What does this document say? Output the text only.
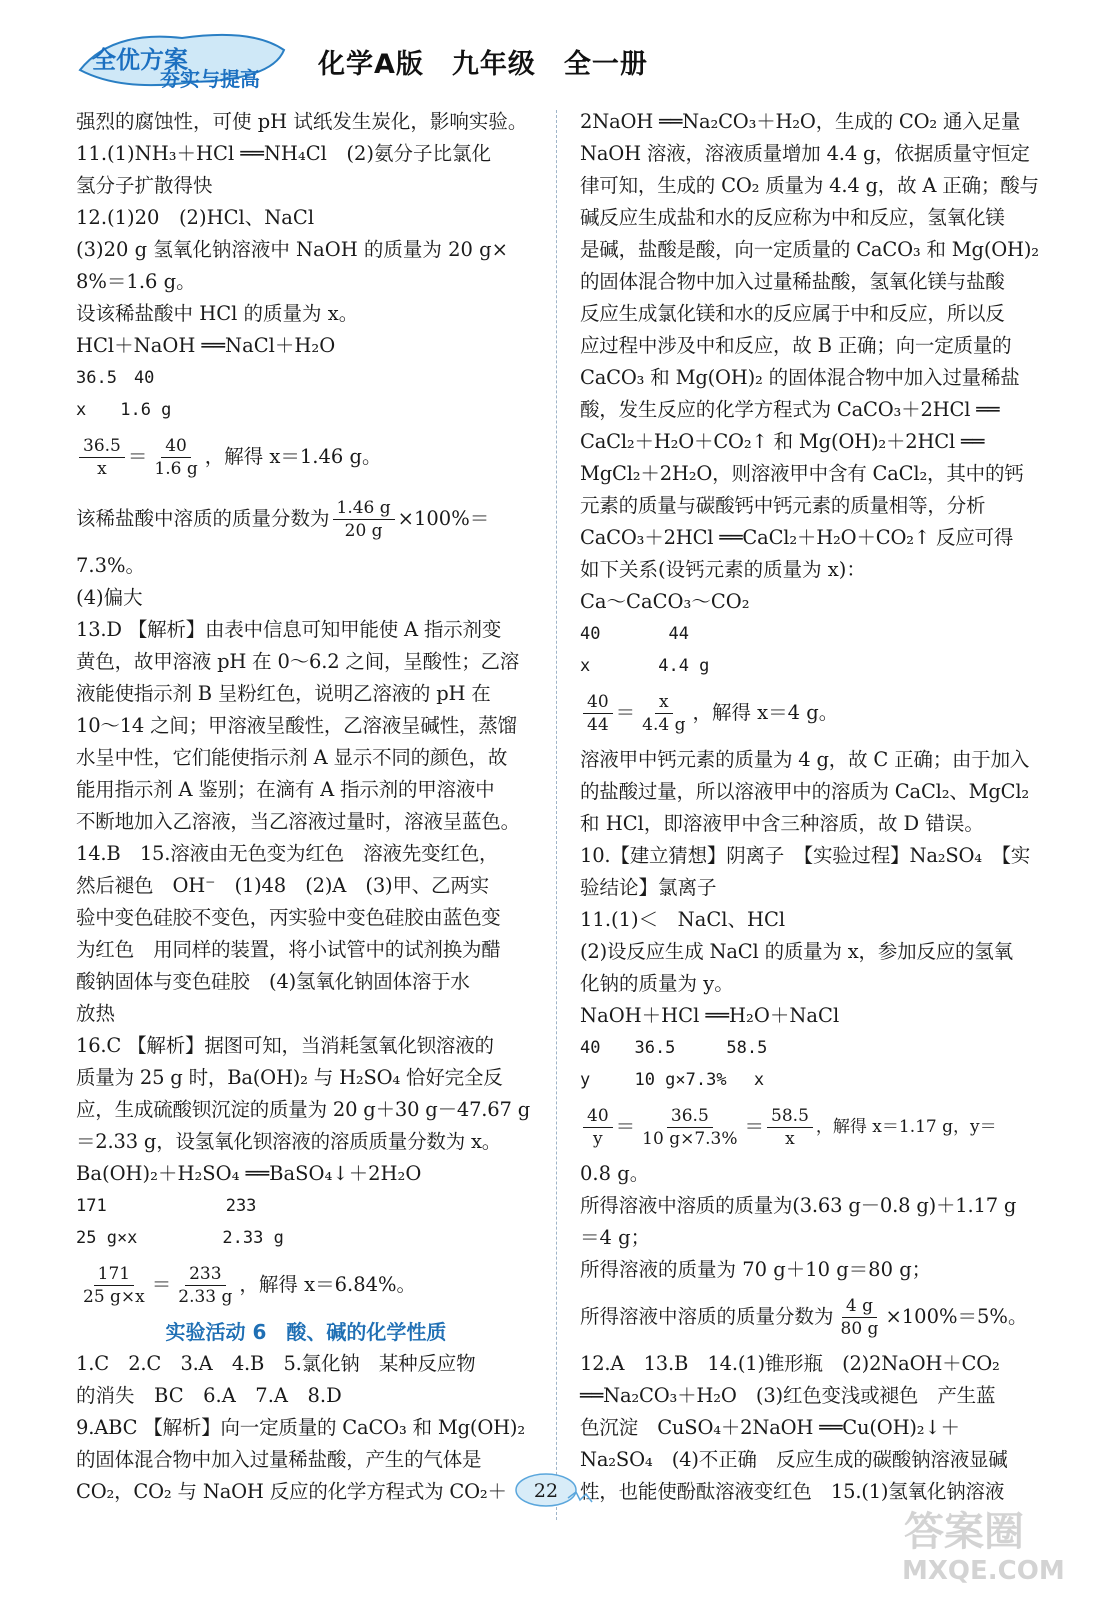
全优方案
夯实与提高 化学A版　九年级　全一册

强烈的腐蚀性，可使 pH 试纸发生炭化，影响实验。

11.(1)NH₃＋HCl ══NH₄Cl　(2)氨分子比氯化

氢分子扩散得快

12.(1)20　(2)HCl、NaCl

(3)20 g 氢氧化钠溶液中 NaOH 的质量为 20 g×

8%＝1.6 g。

设该稀盐酸中 HCl 的质量为 x。

HCl＋NaOH ══NaCl＋H₂O

36.5　40

x　　1.6 g

$\frac{36.5}{x} = \frac{40}{1.6 g}$ ，解得 x＝1.46 g。
该稀盐酸中溶质的质量分数为 $\frac{1.46 g}{20 g} \times 100\%=$

7.3%。

(4)偏大

13.D 【解析】由表中信息可知甲能使 A 指示剂变

黄色，故甲溶液 pH 在 0～6.2 之间，呈酸性；乙溶

液能使指示剂 B 呈粉红色，说明乙溶液的 pH 在

10～14 之间；甲溶液呈酸性，乙溶液呈碱性，蒸馏

水呈中性，它们能使指示剂 A 显示不同的颜色，故

能用指示剂 A 鉴别；在滴有 A 指示剂的甲溶液中

不断地加入乙溶液，当乙溶液过量时，溶液呈蓝色。

14.B　15.溶液由无色变为红色　溶液先变红色，

然后褪色　OH⁻　(1)48　(2)A　(3)甲、乙两实

验中变色硅胶不变色，丙实验中变色硅胶由蓝色变

为红色　用同样的装置，将小试管中的试剂换为醋

酸钠固体与变色硅胶　(4)氢氧化钠固体溶于水

放热

16.C 【解析】据图可知，当消耗氢氧化钡溶液的

质量为 25 g 时，Ba(OH)₂ 与 H₂SO₄ 恰好完全反

应，生成硫酸钡沉淀的质量为 20 g＋30 g－47.67 g

＝2.33 g，设氢氧化钡溶液的溶质质量分数为 x。

Ba(OH)₂＋H₂SO₄ ══BaSO₄↓＋2H₂O

171　　　　　　　233

25 g×x　　　　　2.33 g

$\frac{171}{25 g\times x} = \frac{233}{2.33 g}$ ，解得 x＝6.84%。

实验活动 6　酸、碱的化学性质

1.C　2.C　3.A　4.B　5.氯化钠　某种反应物

的消失　BC　6.A　7.A　8.D

9.ABC 【解析】向一定质量的 CaCO₃ 和 Mg(OH)₂

的固体混合物中加入过量稀盐酸，产生的气体是

CO₂，CO₂ 与 NaOH 反应的化学方程式为 CO₂＋

2NaOH ══Na₂CO₃＋H₂O，生成的 CO₂ 通入足量

NaOH 溶液，溶液质量增加 4.4 g，依据质量守恒定

律可知，生成的 CO₂ 质量为 4.4 g，故 A 正确；酸与

碱反应生成盐和水的反应称为中和反应，氢氧化镁

是碱，盐酸是酸，向一定质量的 CaCO₃ 和 Mg(OH)₂

的固体混合物中加入过量稀盐酸，氢氧化镁与盐酸

反应生成氯化镁和水的反应属于中和反应，所以反

应过程中涉及中和反应，故 B 正确；向一定质量的

CaCO₃ 和 Mg(OH)₂ 的固体混合物中加入过量稀盐

酸，发生反应的化学方程式为 CaCO₃＋2HCl ══

CaCl₂＋H₂O＋CO₂↑ 和 Mg(OH)₂＋2HCl ══

MgCl₂＋2H₂O，则溶液甲中含有 CaCl₂，其中的钙

元素的质量与碳酸钙中钙元素的质量相等，分析

CaCO₃＋2HCl ══CaCl₂＋H₂O＋CO₂↑ 反应可得

如下关系(设钙元素的质量为 x)：

Ca～CaCO₃～CO₂

40　　　　44

x　　　　4.4 g

$\frac{40}{44} = \frac{x}{4.4 g}$ ，解得 x＝4 g。

溶液甲中钙元素的质量为 4 g，故 C 正确；由于加入

的盐酸过量，所以溶液甲中的溶质为 CaCl₂、MgCl₂

和 HCl，即溶液甲中含三种溶质，故 D 错误。

10.【建立猜想】阴离子　【实验过程】Na₂SO₄　【实

验结论】氯离子

11.(1)＜　NaCl、HCl

(2)设反应生成 NaCl 的质量为 x，参加反应的氢氧

化钠的质量为 y。

NaOH＋HCl ══H₂O＋NaCl

40　　36.5　　　58.5

y　　 10 g×7.3%　 x

$\frac{40}{y} = \frac{36.5}{10 g\times 7.3\%} = \frac{58.5}{x}$ ，解得 x＝1.17 g，y＝

0.8 g。

所得溶液中溶质的质量为(3.63 g－0.8 g)＋1.17 g

＝4 g；

所得溶液的质量为 70 g＋10 g＝80 g；

所得溶液中溶质的质量分数为 $\frac{4 g}{80 g} \times 100\%=5\%$。

12.A　13.B　14.(1)锥形瓶　(2)2NaOH＋CO₂

══Na₂CO₃＋H₂O　(3)红色变浅或褪色　产生蓝

色沉淀　CuSO₄＋2NaOH ══Cu(OH)₂↓＋

Na₂SO₄　(4)不正确　反应生成的碳酸钠溶液显碱

性，也能使酚酞溶液变红色　15.(1)氢氧化钠溶液

22
答案圈
MXQE.COM
